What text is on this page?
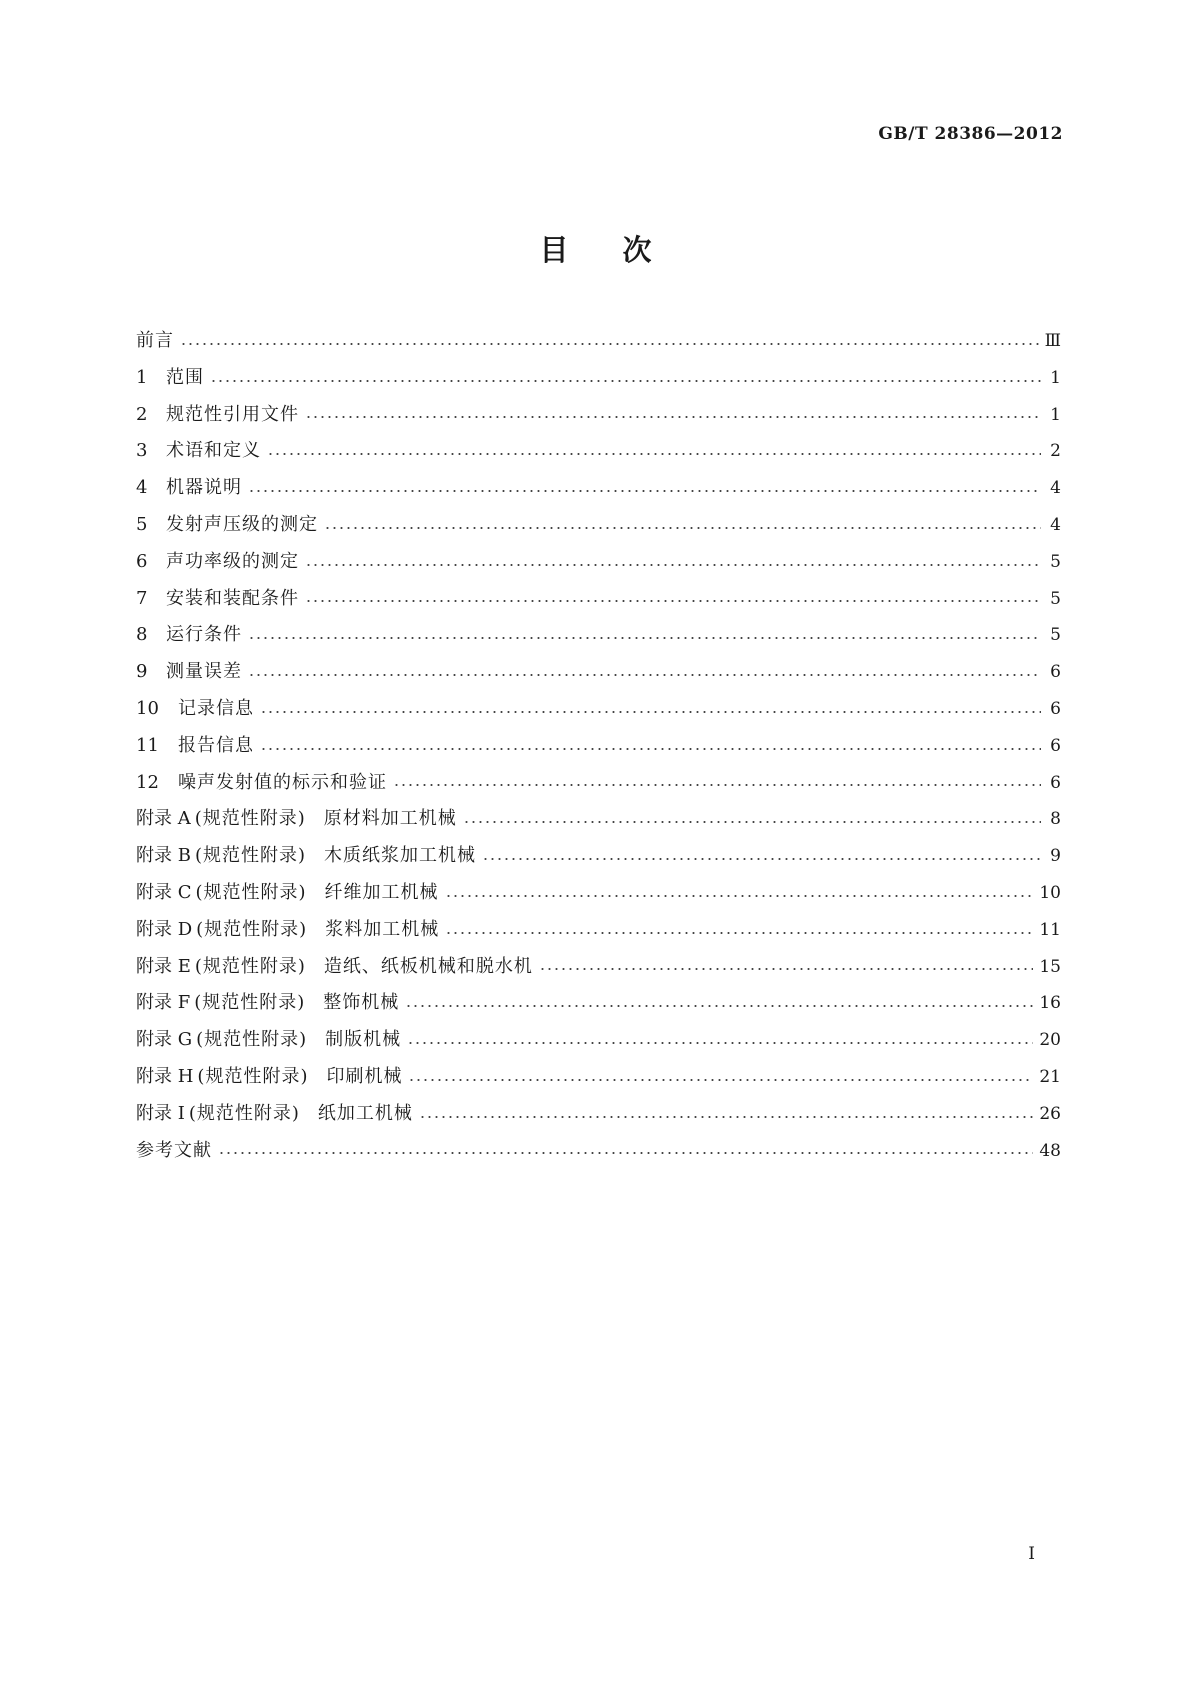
GB/T 28386—2012
目次
前言	Ⅲ
1	范围	1
2	规范性引用文件	1
3	术语和定义	2
4	机器说明	4
5	发射声压级的测定	4
6	声功率级的测定	5
7	安装和装配条件	5
8	运行条件	5
9	测量误差	6
10	记录信息	6
11	报告信息	6
12	噪声发射值的标示和验证	6
附录 A (规范性附录) 原材料加工机械	8
附录 B (规范性附录) 木质纸浆加工机械	9
附录 C (规范性附录) 纤维加工机械	10
附录 D (规范性附录) 浆料加工机械	11
附录 E (规范性附录) 造纸、纸板机械和脱水机	15
附录 F (规范性附录) 整饰机械	16
附录 G (规范性附录) 制版机械	20
附录 H (规范性附录) 印刷机械	21
附录 I (规范性附录) 纸加工机械	26
参考文献	48
I
